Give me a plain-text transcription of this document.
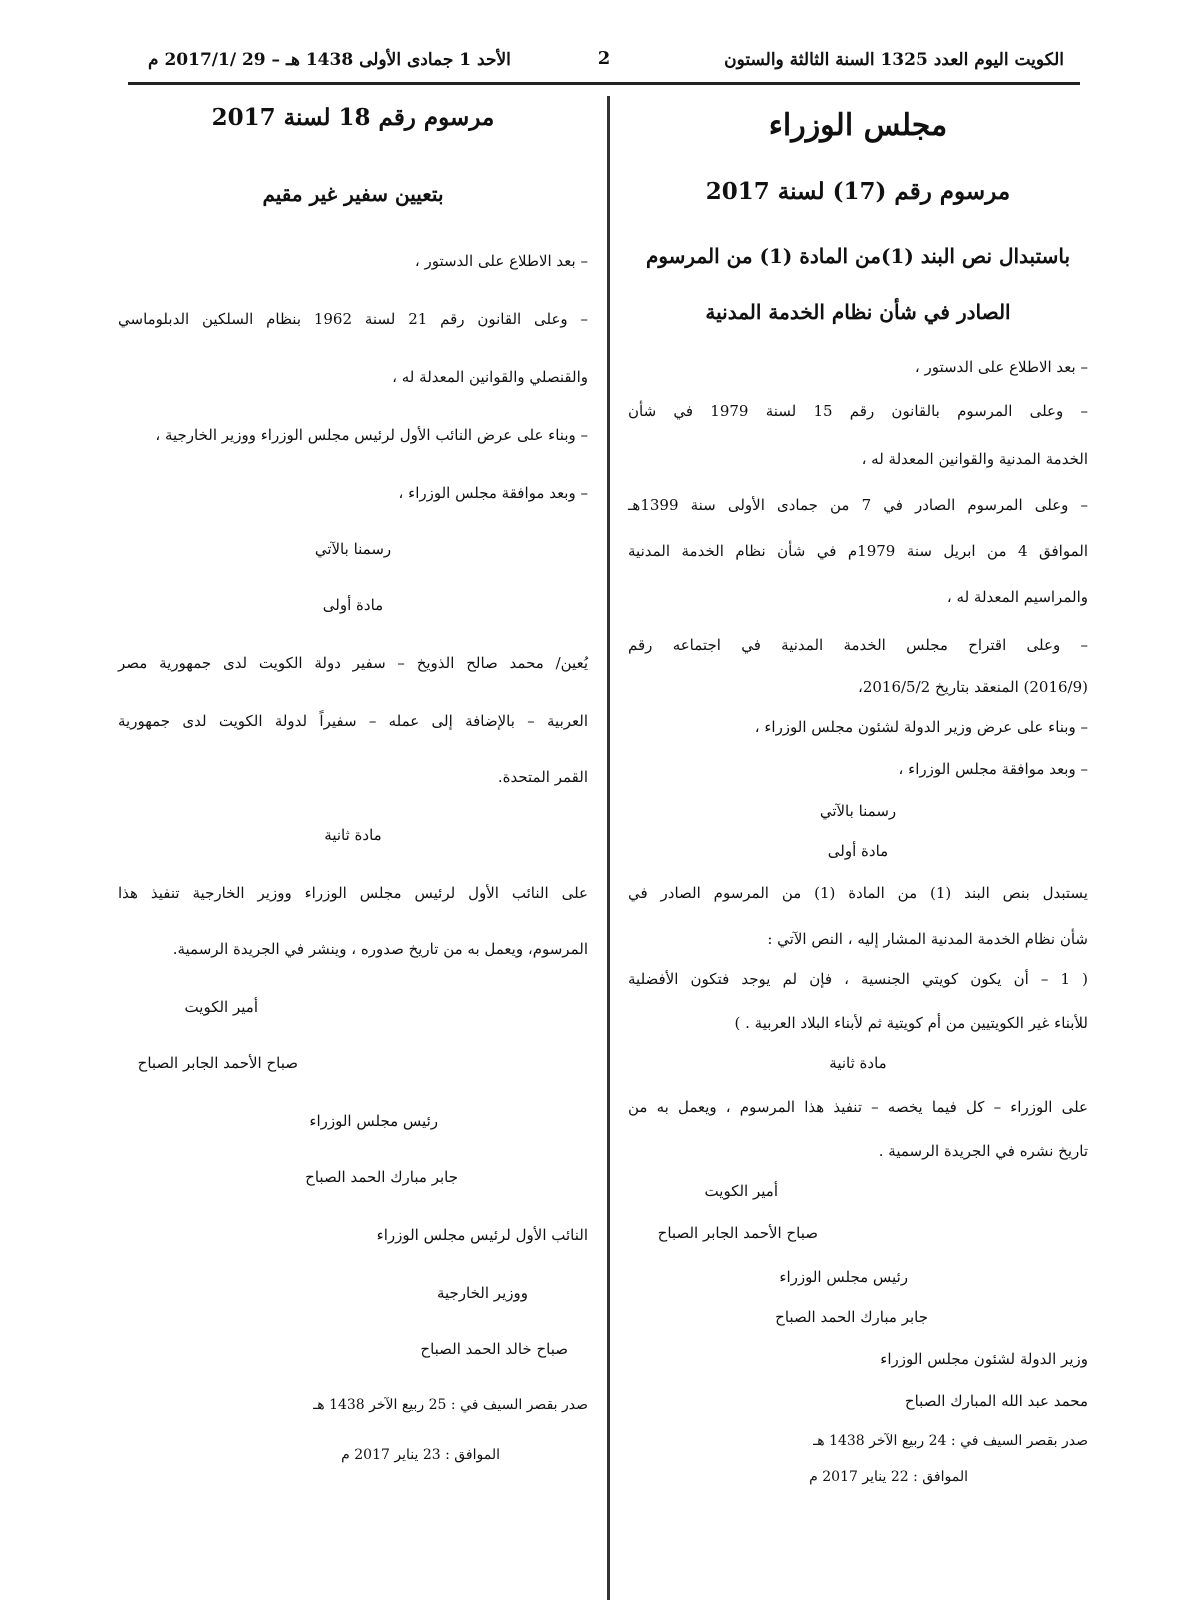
الكويت اليوم العدد 1325 السنة الثالثة والستون
2
الأحد 1 جمادى الأولى 1438 هـ – 29 /2017/1 م
مجلس الوزراء
مرسوم رقم (17) لسنة 2017
باستبدال نص البند (1)من المادة (1) من المرسوم
الصادر في شأن نظام الخدمة المدنية
– بعد الاطلاع على الدستور ،
– وعلى المرسوم بالقانون رقم 15 لسنة 1979 في شأن
الخدمة المدنية والقوانين المعدلة له ،
– وعلى المرسوم الصادر في 7 من جمادى الأولى سنة 1399هـ
الموافق 4 من ابريل سنة 1979م في شأن نظام الخدمة المدنية
والمراسيم المعدلة له ،
– وعلى اقتراح مجلس الخدمة المدنية في اجتماعه رقم
(2016/9) المنعقد بتاريخ 2016/5/2،
– وبناء على عرض وزير الدولة لشئون مجلس الوزراء ،
– وبعد موافقة مجلس الوزراء ،
رسمنا بالآتي
مادة أولى
يستبدل بنص البند (1) من المادة (1) من المرسوم الصادر في
شأن نظام الخدمة المدنية المشار إليه ، النص الآتي :
( 1 – أن يكون كويتي الجنسية ، فإن لم يوجد فتكون الأفضلية
للأبناء غير الكويتيين من أم كويتية ثم لأبناء البلاد العربية . )
مادة ثانية
على الوزراء – كل فيما يخصه – تنفيذ هذا المرسوم ، ويعمل به من
تاريخ نشره في الجريدة الرسمية .
أمير الكويت
صباح الأحمد الجابر الصباح
رئيس مجلس الوزراء
جابر مبارك الحمد الصباح
وزير الدولة لشئون مجلس الوزراء
محمد عبد الله المبارك الصباح
صدر بقصر السيف في : 24 ربيع الآخر 1438 هـ
الموافق : 22 يناير 2017 م
مرسوم رقم 18 لسنة 2017
بتعيين سفير غير مقيم
– بعد الاطلاع على الدستور ،
– وعلى القانون رقم 21 لسنة 1962 بنظام السلكين الدبلوماسي
والقنصلي والقوانين المعدلة له ،
– وبناء على عرض النائب الأول لرئيس مجلس الوزراء ووزير الخارجية ،
– وبعد موافقة مجلس الوزراء ،
رسمنا بالآتي
مادة أولى
يُعين/ محمد صالح الذويخ – سفير دولة الكويت لدى جمهورية مصر
العربية – بالإضافة إلى عمله – سفيراً لدولة الكويت لدى جمهورية
القمر المتحدة.
مادة ثانية
على النائب الأول لرئيس مجلس الوزراء ووزير الخارجية تنفيذ هذا
المرسوم، ويعمل به من تاريخ صدوره ، وينشر في الجريدة الرسمية.
أمير الكويت
صباح الأحمد الجابر الصباح
رئيس مجلس الوزراء
جابر مبارك الحمد الصباح
النائب الأول لرئيس مجلس الوزراء
ووزير الخارجية
صباح خالد الحمد الصباح
صدر بقصر السيف في : 25 ربيع الآخر 1438 هـ
الموافق : 23 يناير 2017 م
